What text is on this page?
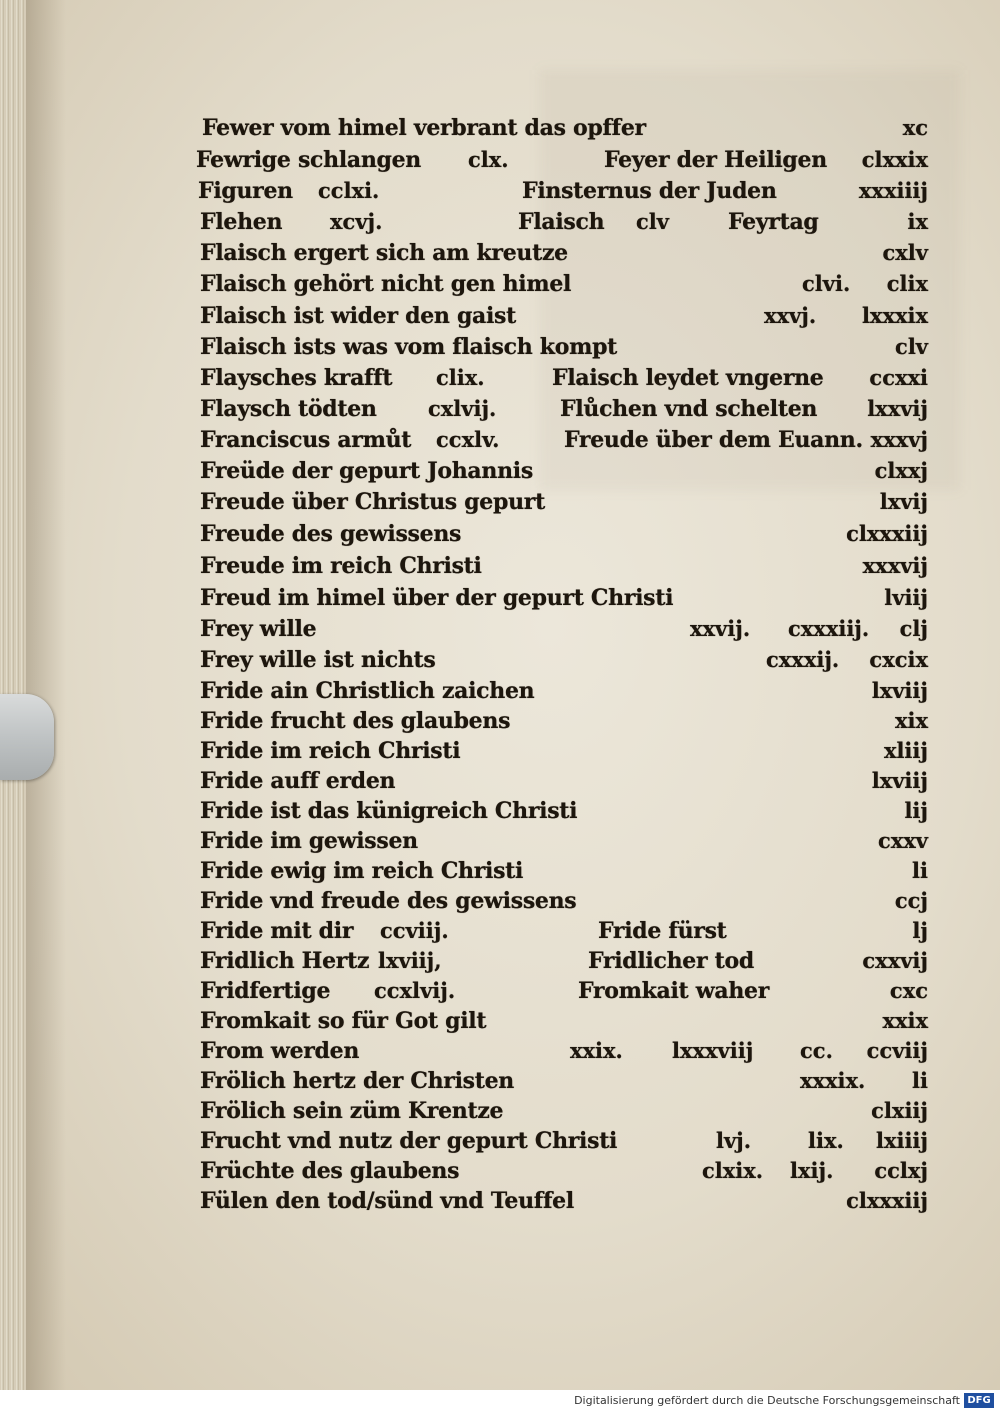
Fewer vom himel verbrant das opffer	xc
Fewrige schlangen clx.	Feyer der Heiligen clxxix
Figuren cclxi.	Finsternus der Juden	xxxiiij
Flehen xcvj.	Flaisch clv	Feyrtag	ix
Flaisch ergert sich am kreutze	cxlv
Flaisch gehört nicht gen himel	clvi. clix
Flaisch ist wider den gaist	xxvj. lxxxix
Flaisch ists was vom flaisch kompt	clv
Flaysches krafft clix.	Flaisch leydet vngerne ccxxi
Flaysch tödten cxlvij.	Flůchen vnd schelten lxxvij
Franciscus armůt ccxlv.	Freude über dem Euann. xxxvj
Freüde der gepurt Johannis	clxxj
Freude über Christus gepurt	lxvij
Freude des gewissens	clxxxiij
Freude im reich Christi	xxxvij
Freud im himel über der gepurt Christi	lviij
Frey wille	xxvij. cxxxiij. clj
Frey wille ist nichts	cxxxij. cxcix
Fride ain Christlich zaichen	lxviij
Fride frucht des glaubens	xix
Fride im reich Christi	xliij
Fride auff erden	lxviij
Fride ist das künigreich Christi	lij
Fride im gewissen	cxxv
Fride ewig im reich Christi	li
Fride vnd freude des gewissens	ccj
Fride mit dir ccviij.	Fride fürst	lj
Fridlich Hertz lxviij,	Fridlicher tod	cxxvij
Fridfertige ccxlvij.	Fromkait waher	cxc
Fromkait so für Got gilt	xxix
From werden	xxix. lxxxviij cc. ccviij
Frölich hertz der Christen	xxxix. li
Frölich sein züm Krentze	clxiij
Frucht vnd nutz der gepurt Christi	lvj.	lix. lxiiij
Früchte des glaubens	clxix. lxij. cclxj
Fülen den tod/sünd vnd Teuffel	clxxxiij
Digitalisierung gefördert durch die Deutsche Forschungsgemeinschaft DFG
